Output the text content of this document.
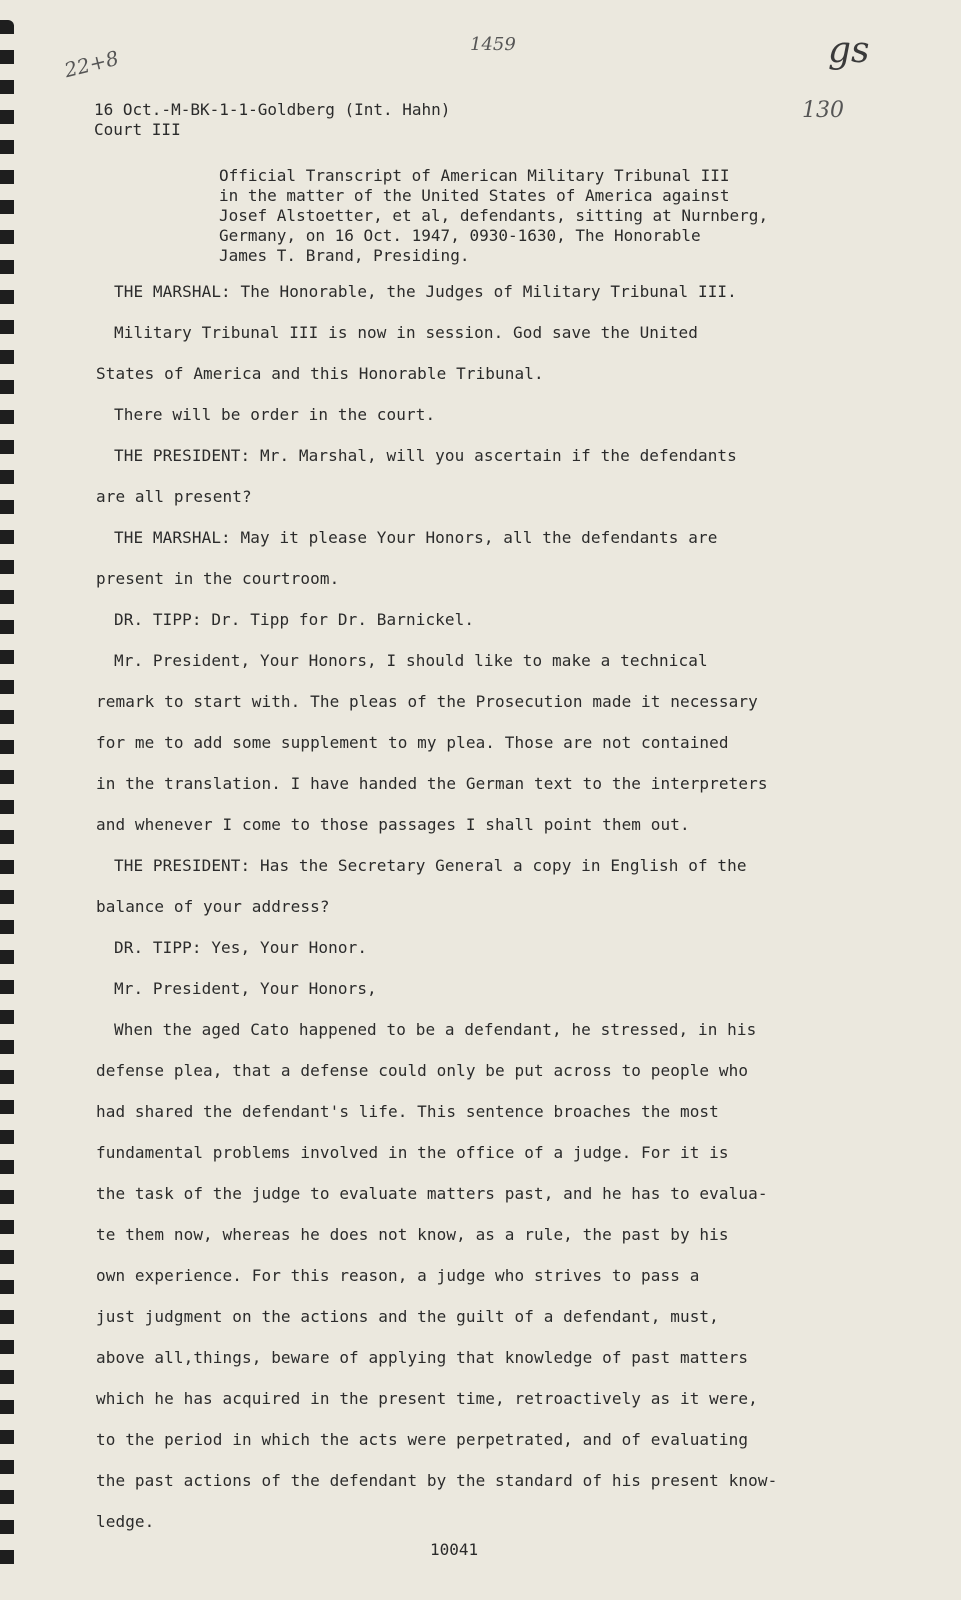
22+8
1459	gs
130
16 Oct.-M-BK-1-1-Goldberg (Int. Hahn)
Court III
Official Transcript of American Military Tribunal III
in the matter of the United States of America against
Josef Alstoetter, et al, defendants, sitting at Nurnberg,
Germany, on 16 Oct. 1947, 0930-1630, The Honorable
James T. Brand, Presiding.
THE MARSHAL: The Honorable, the Judges of Military Tribunal III.
Military Tribunal III is now in session. God save the United
States of America and this Honorable Tribunal.
There will be order in the court.
THE PRESIDENT: Mr. Marshal, will you ascertain if the defendants
are all present?
THE MARSHAL: May it please Your Honors, all the defendants are
present in the courtroom.
DR. TIPP: Dr. Tipp for Dr. Barnickel.
Mr. President, Your Honors, I should like to make a technical
remark to start with. The pleas of the Prosecution made it necessary
for me to add some supplement to my plea. Those are not contained
in the translation. I have handed the German text to the interpreters
and whenever I come to those passages I shall point them out.
THE PRESIDENT: Has the Secretary General a copy in English of the
balance of your address?
DR. TIPP: Yes, Your Honor.
Mr. President, Your Honors,
When the aged Cato happened to be a defendant, he stressed, in his
defense plea, that a defense could only be put across to people who
had shared the defendant's life. This sentence broaches the most
fundamental problems involved in the office of a judge. For it is
the task of the judge to evaluate matters past, and he has to evalua-
te them now, whereas he does not know, as a rule, the past by his
own experience. For this reason, a judge who strives to pass a
just judgment on the actions and the guilt of a defendant, must,
above all,things, beware of applying that knowledge of past matters
which he has acquired in the present time, retroactively as it were,
to the period in which the acts were perpetrated, and of evaluating
the past actions of the defendant by the standard of his present know-
ledge.
10041
